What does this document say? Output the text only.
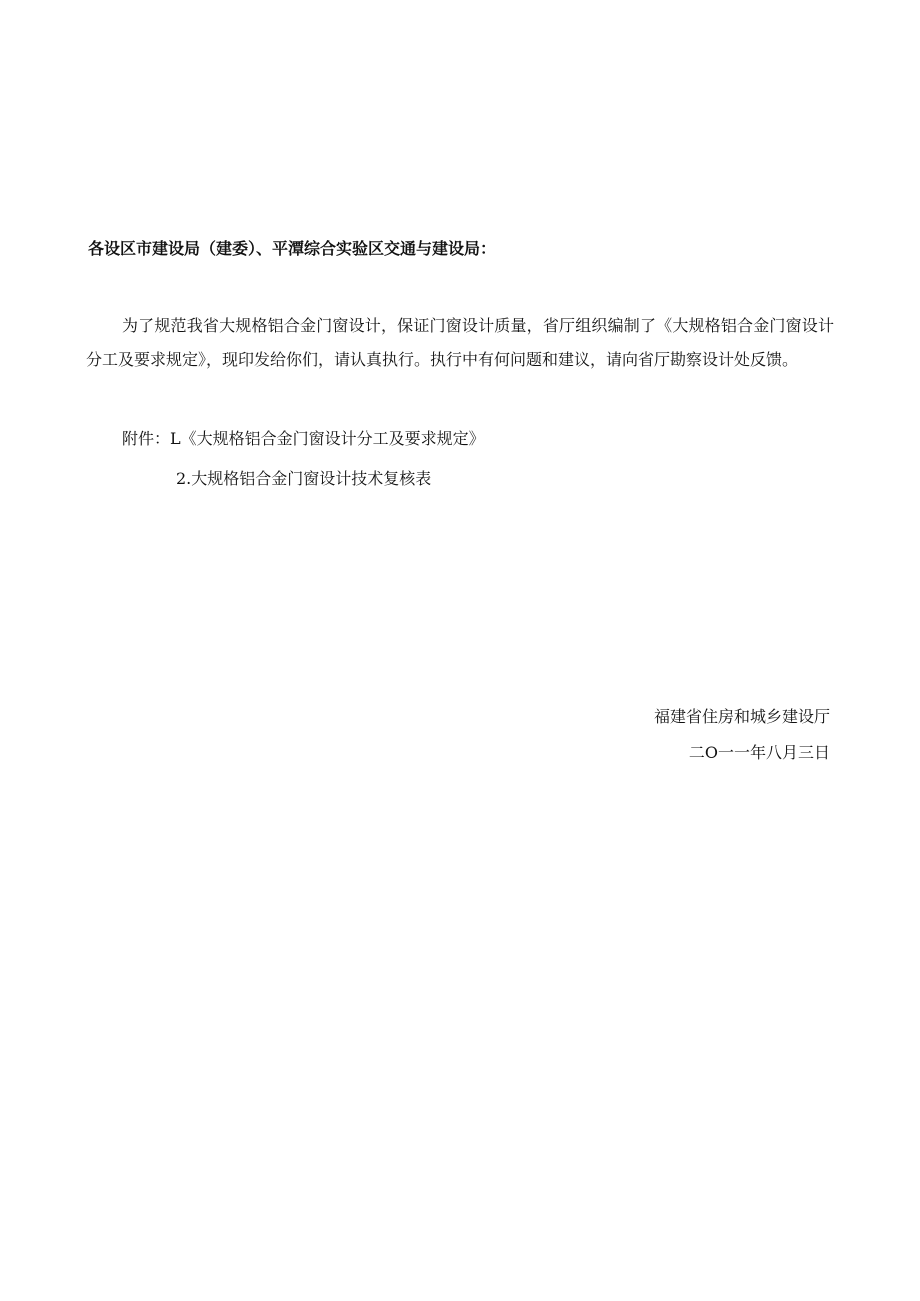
各设区市建设局（建委）、平潭综合实验区交通与建设局：
为了规范我省大规格铝合金门窗设计，保证门窗设计质量，省厅组织编制了《大规格铝合金门窗设计分工及要求规定》，现印发给你们，请认真执行。执行中有何问题和建议，请向省厅勘察设计处反馈。
附件：L《大规格铝合金门窗设计分工及要求规定》
2.大规格铝合金门窗设计技术复核表
福建省住房和城乡建设厅
二O一一年八月三日
